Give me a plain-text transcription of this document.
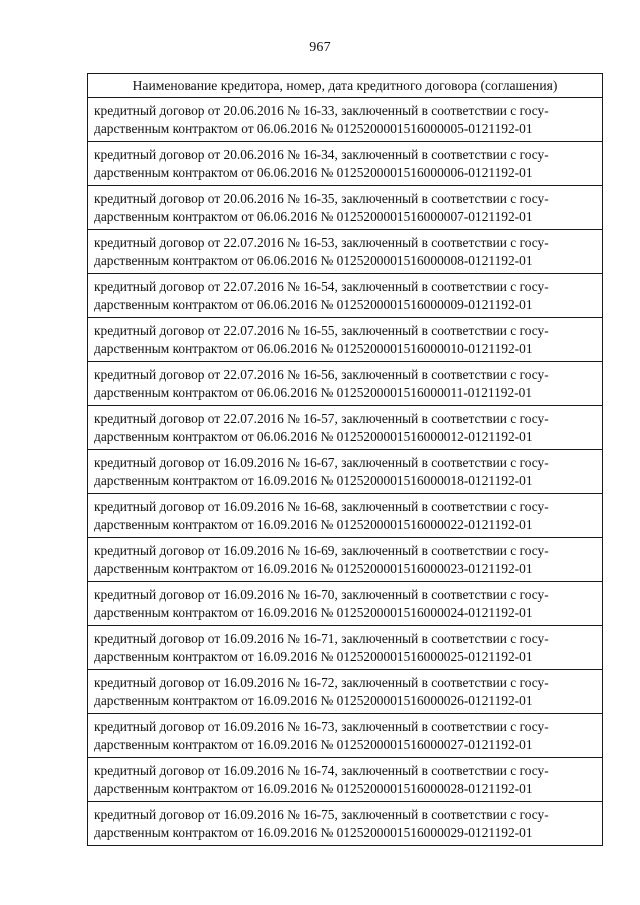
967
Наименование кредитора, номер, дата кредитного договора (соглашения)

кредитный договор от 20.06.2016 № 16-33, заключенный в соответствии с госу-
дарственным контрактом от 06.06.2016 № 0125200001516000005-0121192-01

кредитный договор от 20.06.2016 № 16-34, заключенный в соответствии с госу-
дарственным контрактом от 06.06.2016 № 0125200001516000006-0121192-01

кредитный договор от 20.06.2016 № 16-35, заключенный в соответствии с госу-
дарственным контрактом от 06.06.2016 № 0125200001516000007-0121192-01

кредитный договор от 22.07.2016 № 16-53, заключенный в соответствии с госу-
дарственным контрактом от 06.06.2016 № 0125200001516000008-0121192-01

кредитный договор от 22.07.2016 № 16-54, заключенный в соответствии с госу-
дарственным контрактом от 06.06.2016 № 0125200001516000009-0121192-01

кредитный договор от 22.07.2016 № 16-55, заключенный в соответствии с госу-
дарственным контрактом от 06.06.2016 № 0125200001516000010-0121192-01

кредитный договор от 22.07.2016 № 16-56, заключенный в соответствии с госу-
дарственным контрактом от 06.06.2016 № 0125200001516000011-0121192-01

кредитный договор от 22.07.2016 № 16-57, заключенный в соответствии с госу-
дарственным контрактом от 06.06.2016 № 0125200001516000012-0121192-01

кредитный договор от 16.09.2016 № 16-67, заключенный в соответствии с госу-
дарственным контрактом от 16.09.2016 № 0125200001516000018-0121192-01

кредитный договор от 16.09.2016 № 16-68, заключенный в соответствии с госу-
дарственным контрактом от 16.09.2016 № 0125200001516000022-0121192-01

кредитный договор от 16.09.2016 № 16-69, заключенный в соответствии с госу-
дарственным контрактом от 16.09.2016 № 0125200001516000023-0121192-01

кредитный договор от 16.09.2016 № 16-70, заключенный в соответствии с госу-
дарственным контрактом от 16.09.2016 № 0125200001516000024-0121192-01

кредитный договор от 16.09.2016 № 16-71, заключенный в соответствии с госу-
дарственным контрактом от 16.09.2016 № 0125200001516000025-0121192-01

кредитный договор от 16.09.2016 № 16-72, заключенный в соответствии с госу-
дарственным контрактом от 16.09.2016 № 0125200001516000026-0121192-01

кредитный договор от 16.09.2016 № 16-73, заключенный в соответствии с госу-
дарственным контрактом от 16.09.2016 № 0125200001516000027-0121192-01

кредитный договор от 16.09.2016 № 16-74, заключенный в соответствии с госу-
дарственным контрактом от 16.09.2016 № 0125200001516000028-0121192-01

кредитный договор от 16.09.2016 № 16-75, заключенный в соответствии с госу-
дарственным контрактом от 16.09.2016 № 0125200001516000029-0121192-01
